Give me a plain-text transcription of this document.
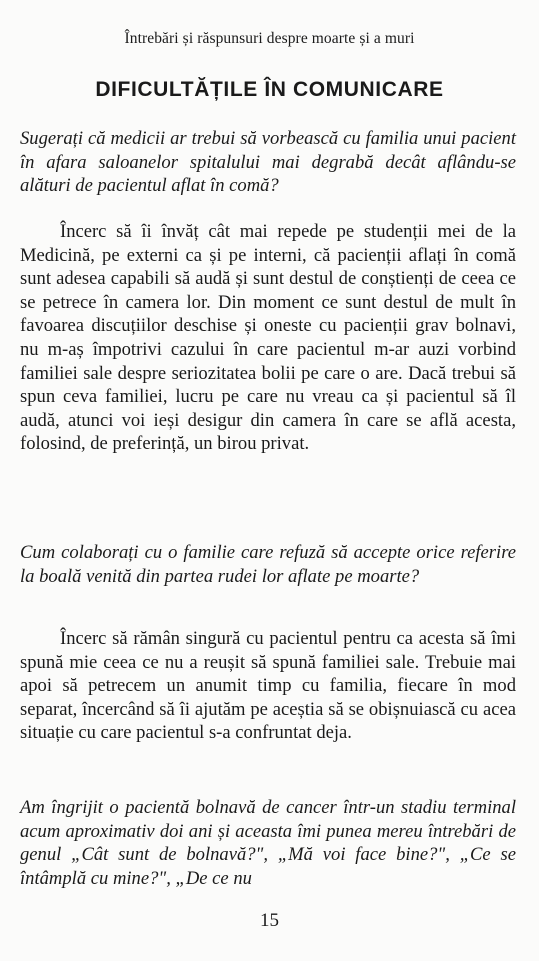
Întrebări și răspunsuri despre moarte și a muri
DIFICULTĂȚILE ÎN COMUNICARE
Sugerați că medicii ar trebui să vorbească cu familia unui pacient în afara saloanelor spitalului mai degrabă decât aflându-se alături de pacientul aflat în comă?
Încerc să îi învăț cât mai repede pe studenții mei de la Medicină, pe externi ca și pe interni, că pacienții aflați în comă sunt adesea capabili să audă și sunt destul de conștienți de ceea ce se petrece în camera lor. Din moment ce sunt destul de mult în favoarea discuțiilor deschise și oneste cu pacienții grav bolnavi, nu m-aș împotrivi cazului în care pacientul m-ar auzi vorbind familiei sale despre seriozitatea bolii pe care o are. Dacă trebui să spun ceva familiei, lucru pe care nu vreau ca și pacientul să îl audă, atunci voi ieși desigur din camera în care se află acesta, folosind, de preferință, un birou privat.
Cum colaborați cu o familie care refuză să accepte orice referire la boală venită din partea rudei lor aflate pe moarte?
Încerc să rămân singură cu pacientul pentru ca acesta să îmi spună mie ceea ce nu a reușit să spună familiei sale. Trebuie mai apoi să petrecem un anumit timp cu familia, fiecare în mod separat, încercând să îi ajutăm pe aceștia să se obișnuiască cu acea situație cu care pacientul s-a confruntat deja.
Am îngrijit o pacientă bolnavă de cancer într-un stadiu terminal acum aproximativ doi ani și aceasta îmi punea mereu întrebări de genul „Cât sunt de bolnavă?", „Mă voi face bine?", „Ce se întâmplă cu mine?", „De ce nu
15
